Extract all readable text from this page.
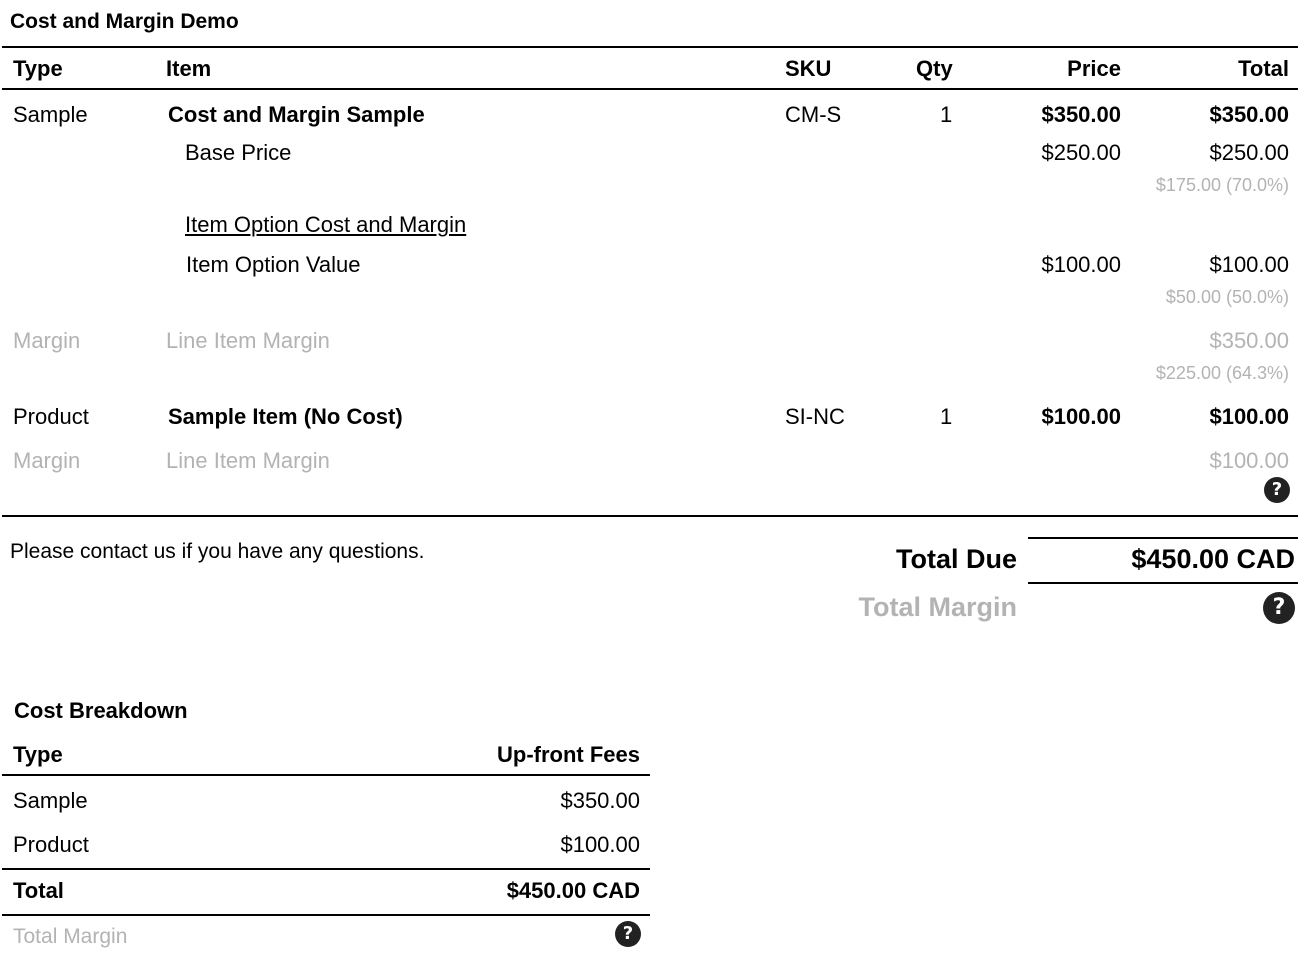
Cost and Margin Demo
Type	Item	SKU	Qty	Price	Total
Sample	Cost and Margin Sample	CM-S	1	$350.00	$350.00
Base Price	$250.00	$250.00
$175.00 (70.0%)
Item Option Cost and Margin
Item Option Value	$100.00	$100.00
$50.00 (50.0%)
Margin	Line Item Margin	$350.00
$225.00 (64.3%)
Product	Sample Item (No Cost)	SI-NC	1	$100.00	$100.00
Margin	Line Item Margin	$100.00
?
Please contact us if you have any questions.	Total Due	$450.00 CAD
Total Margin	?
Cost Breakdown
Type	Up-front Fees
Sample	$350.00
Product	$100.00
Total	$450.00 CAD
Total Margin	?
